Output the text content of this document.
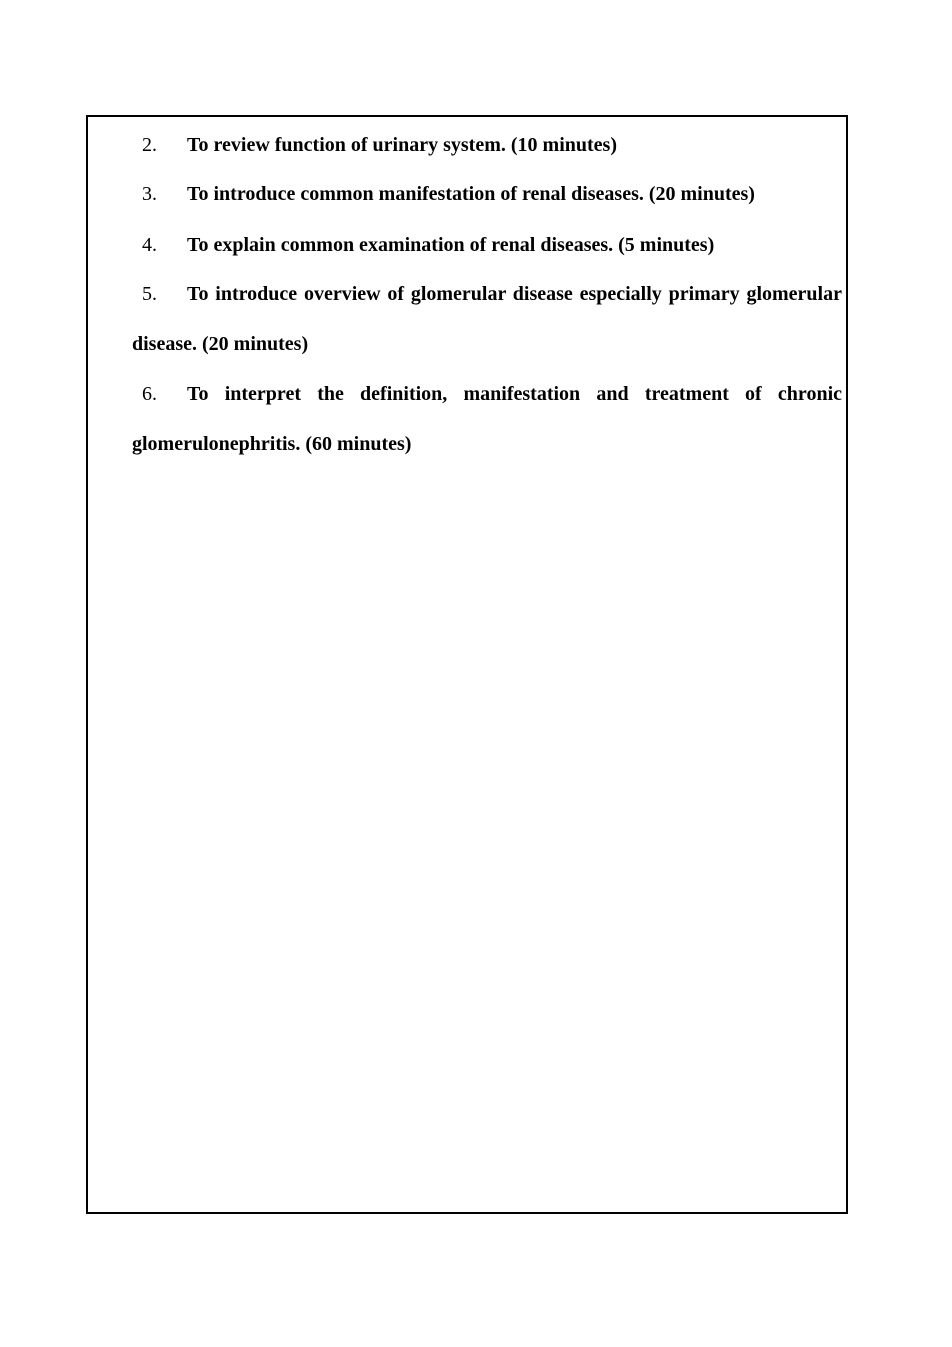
2. To review function of urinary system. (10 minutes)
3. To introduce common manifestation of renal diseases. (20 minutes)
4. To explain common examination of renal diseases. (5 minutes)
5. To introduce overview of glomerular disease especially primary glomerular disease. (20 minutes)
6. To interpret the definition, manifestation and treatment of chronic glomerulonephritis. (60 minutes)
